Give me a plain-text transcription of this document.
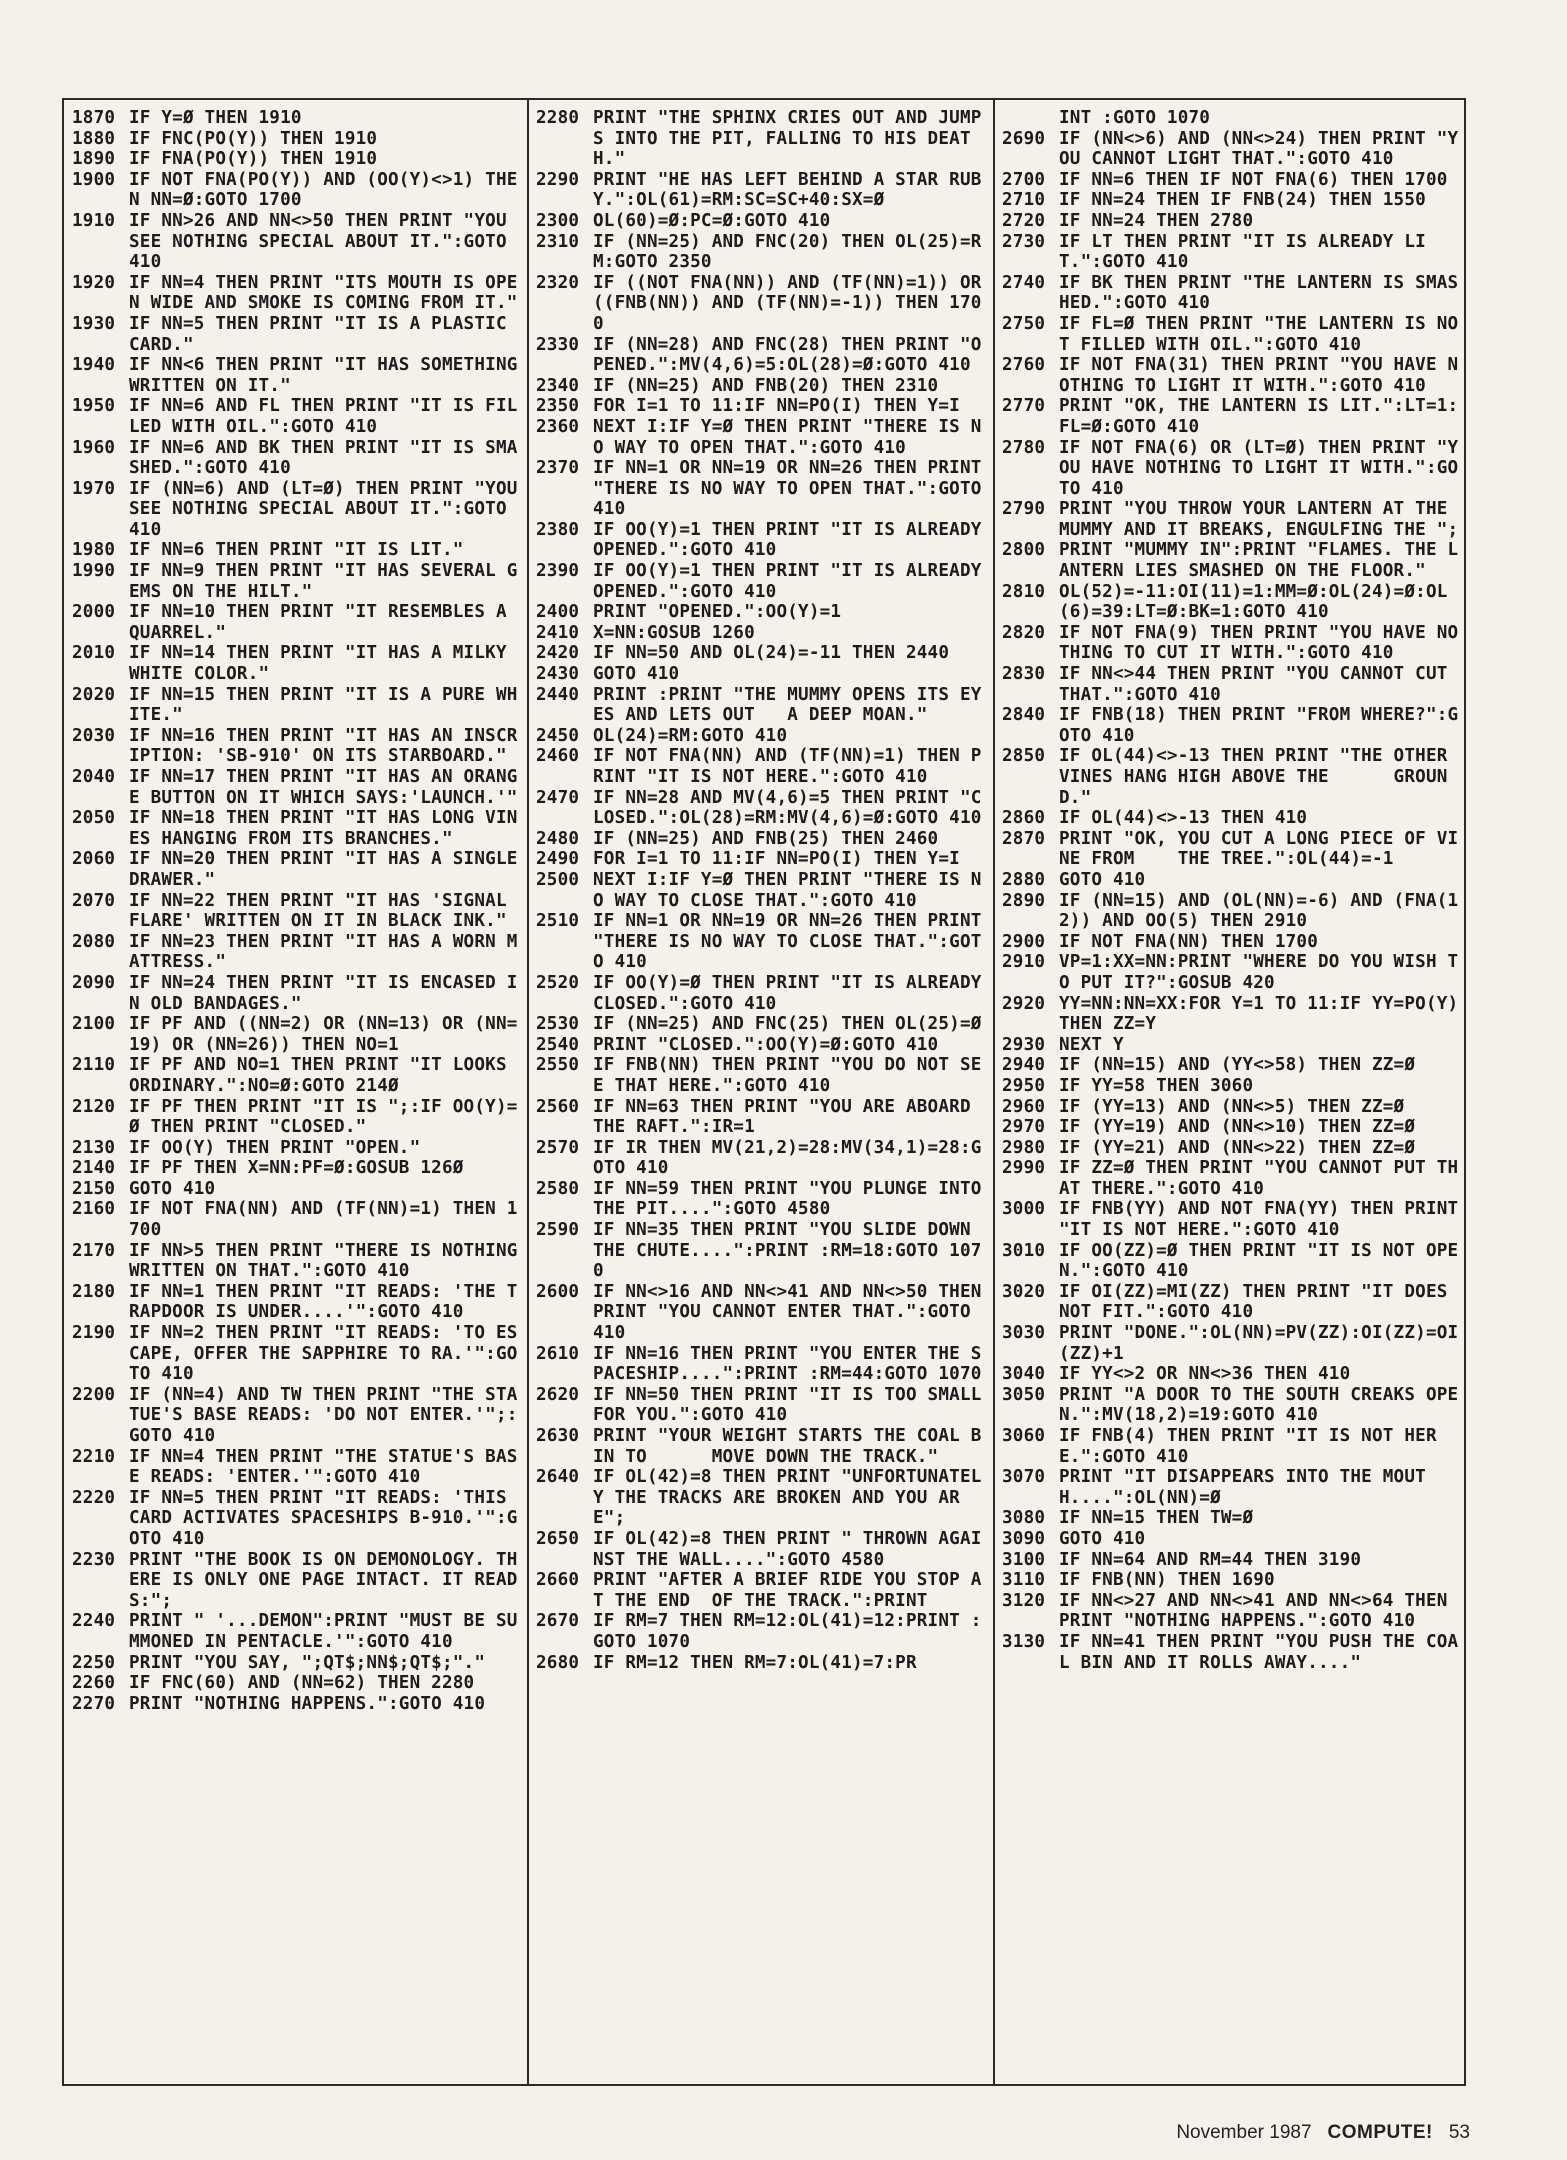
1870 IF Y=Ø THEN 1910
1880 IF FNC(PO(Y)) THEN 1910
1890 IF FNA(PO(Y)) THEN 1910
1900 IF NOT FNA(PO(Y)) AND (OO(Y)<>1) THEN NN=Ø:GOTO 1700
1910 IF NN>26 AND NN<>50 THEN PRINT "YOU SEE NOTHING SPECIAL ABOUT IT.":GOTO 410
1920 IF NN=4 THEN PRINT "ITS MOUTH IS OPEN WIDE AND SMOKE IS COMING FROM IT."
1930 IF NN=5 THEN PRINT "IT IS A PLASTIC CARD."
1940 IF NN<6 THEN PRINT "IT HAS SOMETHING WRITTEN ON IT."
1950 IF NN=6 AND FL THEN PRINT "IT IS FILLED WITH OIL.":GOTO 410
1960 IF NN=6 AND BK THEN PRINT "IT IS SMASHED.":GOTO 410
1970 IF (NN=6) AND (LT=Ø) THEN PRINT "YOU SEE NOTHING SPECIAL ABOUT IT.":GOTO 410
1980 IF NN=6 THEN PRINT "IT IS LIT."
1990 IF NN=9 THEN PRINT "IT HAS SEVERAL GEMS ON THE HILT."
2000 IF NN=10 THEN PRINT "IT RESEMBLES A QUARREL."
2010 IF NN=14 THEN PRINT "IT HAS A MILKY WHITE COLOR."
2020 IF NN=15 THEN PRINT "IT IS A PURE WHITE."
2030 IF NN=16 THEN PRINT "IT HAS AN INSCRIPTION: 'SB-910' ON ITS STARBOARD."
2040 IF NN=17 THEN PRINT "IT HAS AN ORANGE BUTTON ON IT WHICH SAYS:'LAUNCH.'"
2050 IF NN=18 THEN PRINT "IT HAS LONG VINES HANGING FROM ITS BRANCHES."
2060 IF NN=20 THEN PRINT "IT HAS A SINGLE DRAWER."
2070 IF NN=22 THEN PRINT "IT HAS 'SIGNAL FLARE' WRITTEN ON IT IN BLACK INK."
2080 IF NN=23 THEN PRINT "IT HAS A WORN MATTRESS."
2090 IF NN=24 THEN PRINT "IT IS ENCASED IN OLD BANDAGES."
2100 IF PF AND ((NN=2) OR (NN=13) OR (NN=19) OR (NN=26)) THEN NO=1
2110 IF PF AND NO=1 THEN PRINT "IT LOOKS ORDINARY.":NO=Ø:GOTO 214Ø
2120 IF PF THEN PRINT "IT IS ";:IF OO(Y)=Ø THEN PRINT "CLOSED."
2130 IF OO(Y) THEN PRINT "OPEN."
2140 IF PF THEN X=NN:PF=Ø:GOSUB 126Ø
2150 GOTO 410
2160 IF NOT FNA(NN) AND (TF(NN)=1) THEN 1700
2170 IF NN>5 THEN PRINT "THERE IS NOTHING WRITTEN ON THAT.":GOTO 410
2180 IF NN=1 THEN PRINT "IT READS: 'THE TRAPDOOR IS UNDER....'":GOTO 410
2190 IF NN=2 THEN PRINT "IT READS: 'TO ESCAPE, OFFER THE SAPPHIRE TO RA.'":GOTO 410
2200 IF (NN=4) AND TW THEN PRINT "THE STATUE'S BASE READS: 'DO NOT ENTER.'";:GOTO 410
2210 IF NN=4 THEN PRINT "THE STATUE'S BASE READS: 'ENTER.'":GOTO 410
2220 IF NN=5 THEN PRINT "IT READS: 'THIS CARD ACTIVATES SPACESHIPS B-910.'":GOTO 410
2230 PRINT "THE BOOK IS ON DEMONOLOGY. THERE IS ONLY ONE PAGE INTACT. IT READS:";
2240 PRINT " '...DEMON":PRINT "MUST BE SUMMONED IN PENTACLE.'":GOTO 410
2250 PRINT "YOU SAY, ";QT$;NN$;QT$;"."
2260 IF FNC(60) AND (NN=62) THEN 2280
2270 PRINT "NOTHING HAPPENS.":GOTO 410
2280 PRINT "THE SPHINX CRIES OUT AND JUMPS INTO THE PIT, FALLING TO HIS DEATH."
2290 PRINT "HE HAS LEFT BEHIND A STAR RUBY.":OL(61)=RM:SC=SC+40:SX=Ø
2300 OL(60)=Ø:PC=Ø:GOTO 410
2310 IF (NN=25) AND FNC(20) THEN OL(25)=RM:GOTO 2350
2320 IF ((NOT FNA(NN)) AND (TF(NN)=1)) OR ((FNB(NN)) AND (TF(NN)=-1)) THEN 1700
2330 IF (NN=28) AND FNC(28) THEN PRINT "OPENED.":MV(4,6)=5:OL(28)=Ø:GOTO 410
2340 IF (NN=25) AND FNB(20) THEN 2310
2350 FOR I=1 TO 11:IF NN=PO(I) THEN Y=I
2360 NEXT I:IF Y=Ø THEN PRINT "THERE IS NO WAY TO OPEN THAT.":GOTO 410
2370 IF NN=1 OR NN=19 OR NN=26 THEN PRINT "THERE IS NO WAY TO OPEN THAT.":GOTO 410
2380 IF OO(Y)=1 THEN PRINT "IT IS ALREADY OPENED.":GOTO 410
2390 IF OO(Y)=1 THEN PRINT "IT IS ALREADY OPENED.":GOTO 410
2400 PRINT "OPENED.":OO(Y)=1
2410 X=NN:GOSUB 1260
2420 IF NN=50 AND OL(24)=-11 THEN 2440
2430 GOTO 410
2440 PRINT :PRINT "THE MUMMY OPENS ITS EYES AND LETS OUT   A DEEP MOAN."
2450 OL(24)=RM:GOTO 410
2460 IF NOT FNA(NN) AND (TF(NN)=1) THEN PRINT "IT IS NOT HERE.":GOTO 410
2470 IF NN=28 AND MV(4,6)=5 THEN PRINT "CLOSED.":OL(28)=RM:MV(4,6)=Ø:GOTO 410
2480 IF (NN=25) AND FNB(25) THEN 2460
2490 FOR I=1 TO 11:IF NN=PO(I) THEN Y=I
2500 NEXT I:IF Y=Ø THEN PRINT "THERE IS NO WAY TO CLOSE THAT.":GOTO 410
2510 IF NN=1 OR NN=19 OR NN=26 THEN PRINT "THERE IS NO WAY TO CLOSE THAT.":GOTO 410
2520 IF OO(Y)=Ø THEN PRINT "IT IS ALREADY CLOSED.":GOTO 410
2530 IF (NN=25) AND FNC(25) THEN OL(25)=Ø
2540 PRINT "CLOSED.":OO(Y)=Ø:GOTO 410
2550 IF FNB(NN) THEN PRINT "YOU DO NOT SEE THAT HERE.":GOTO 410
2560 IF NN=63 THEN PRINT "YOU ARE ABOARD THE RAFT.":IR=1
2570 IF IR THEN MV(21,2)=28:MV(34,1)=28:GOTO 410
2580 IF NN=59 THEN PRINT "YOU PLUNGE INTO THE PIT....":GOTO 4580
2590 IF NN=35 THEN PRINT "YOU SLIDE DOWN THE CHUTE....":PRINT :RM=18:GOTO 1070
2600 IF NN<>16 AND NN<>41 AND NN<>50 THEN PRINT "YOU CANNOT ENTER THAT.":GOTO 410
2610 IF NN=16 THEN PRINT "YOU ENTER THE SPACESHIP....":PRINT :RM=44:GOTO 1070
2620 IF NN=50 THEN PRINT "IT IS TOO SMALL FOR YOU.":GOTO 410
2630 PRINT "YOUR WEIGHT STARTS THE COAL BIN TO      MOVE DOWN THE TRACK."
2640 IF OL(42)=8 THEN PRINT "UNFORTUNATELY THE TRACKS ARE BROKEN AND YOU ARE";
2650 IF OL(42)=8 THEN PRINT " THROWN AGAINST THE WALL....":GOTO 4580
2660 PRINT "AFTER A BRIEF RIDE YOU STOP AT THE END  OF THE TRACK.":PRINT
2670 IF RM=7 THEN RM=12:OL(41)=12:PRINT :GOTO 1070
2680 IF RM=12 THEN RM=7:OL(41)=7:PR
INT :GOTO 1070
2690 IF (NN<>6) AND (NN<>24) THEN PRINT "YOU CANNOT LIGHT THAT.":GOTO 410
2700 IF NN=6 THEN IF NOT FNA(6) THEN 1700
2710 IF NN=24 THEN IF FNB(24) THEN 1550
2720 IF NN=24 THEN 2780
2730 IF LT THEN PRINT "IT IS ALREADY LIT.":GOTO 410
2740 IF BK THEN PRINT "THE LANTERN IS SMASHED.":GOTO 410
2750 IF FL=Ø THEN PRINT "THE LANTERN IS NOT FILLED WITH OIL.":GOTO 410
2760 IF NOT FNA(31) THEN PRINT "YOU HAVE NOTHING TO LIGHT IT WITH.":GOTO 410
2770 PRINT "OK, THE LANTERN IS LIT.":LT=1:FL=Ø:GOTO 410
2780 IF NOT FNA(6) OR (LT=Ø) THEN PRINT "YOU HAVE NOTHING TO LIGHT IT WITH.":GOTO 410
2790 PRINT "YOU THROW YOUR LANTERN AT THE MUMMY AND IT BREAKS, ENGULFING THE ";
2800 PRINT "MUMMY IN":PRINT "FLAMES. THE LANTERN LIES SMASHED ON THE FLOOR."
2810 OL(52)=-11:OI(11)=1:MM=Ø:OL(24)=Ø:OL(6)=39:LT=Ø:BK=1:GOTO 410
2820 IF NOT FNA(9) THEN PRINT "YOU HAVE NOTHING TO CUT IT WITH.":GOTO 410
2830 IF NN<>44 THEN PRINT "YOU CANNOT CUT THAT.":GOTO 410
2840 IF FNB(18) THEN PRINT "FROM WHERE?":GOTO 410
2850 IF OL(44)<>-13 THEN PRINT "THE OTHER VINES HANG HIGH ABOVE THE      GROUND."
2860 IF OL(44)<>-13 THEN 410
2870 PRINT "OK, YOU CUT A LONG PIECE OF VINE FROM    THE TREE.":OL(44)=-1
2880 GOTO 410
2890 IF (NN=15) AND (OL(NN)=-6) AND (FNA(12)) AND OO(5) THEN 2910
2900 IF NOT FNA(NN) THEN 1700
2910 VP=1:XX=NN:PRINT "WHERE DO YOU WISH TO PUT IT?":GOSUB 420
2920 YY=NN:NN=XX:FOR Y=1 TO 11:IF YY=PO(Y) THEN ZZ=Y
2930 NEXT Y
2940 IF (NN=15) AND (YY<>58) THEN ZZ=Ø
2950 IF YY=58 THEN 3060
2960 IF (YY=13) AND (NN<>5) THEN ZZ=Ø
2970 IF (YY=19) AND (NN<>10) THEN ZZ=Ø
2980 IF (YY=21) AND (NN<>22) THEN ZZ=Ø
2990 IF ZZ=Ø THEN PRINT "YOU CANNOT PUT THAT THERE.":GOTO 410
3000 IF FNB(YY) AND NOT FNA(YY) THEN PRINT "IT IS NOT HERE.":GOTO 410
3010 IF OO(ZZ)=Ø THEN PRINT "IT IS NOT OPEN.":GOTO 410
3020 IF OI(ZZ)=MI(ZZ) THEN PRINT "IT DOES NOT FIT.":GOTO 410
3030 PRINT "DONE.":OL(NN)=PV(ZZ):OI(ZZ)=OI(ZZ)+1
3040 IF YY<>2 OR NN<>36 THEN 410
3050 PRINT "A DOOR TO THE SOUTH CREAKS OPEN.":MV(18,2)=19:GOTO 410
3060 IF FNB(4) THEN PRINT "IT IS NOT HERE.":GOTO 410
3070 PRINT "IT DISAPPEARS INTO THE MOUTH....":OL(NN)=Ø
3080 IF NN=15 THEN TW=Ø
3090 GOTO 410
3100 IF NN=64 AND RM=44 THEN 3190
3110 IF FNB(NN) THEN 1690
3120 IF NN<>27 AND NN<>41 AND NN<>64 THEN PRINT "NOTHING HAPPENS.":GOTO 410
3130 IF NN=41 THEN PRINT "YOU PUSH THE COAL BIN AND IT ROLLS AWAY...."
November 1987 COMPUTE! 53
